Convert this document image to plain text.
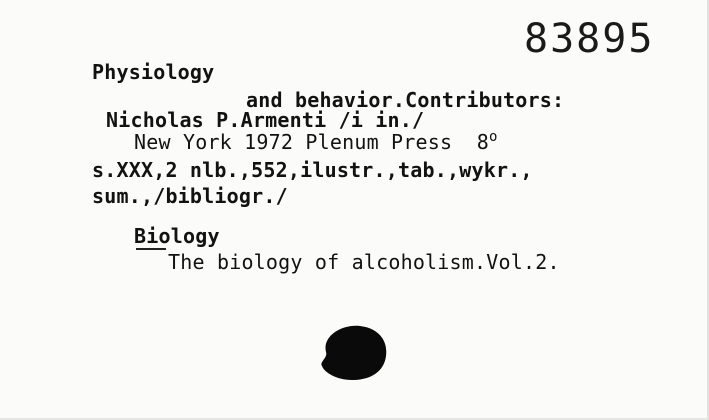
83895
Physiology
and behavior.Contributors:
Nicholas P.Armenti /i in./
New York 1972 Plenum Press 8$^o$
s.XXX,2 nlb.,552,ilustr.,tab.,wykr.,
sum.,/bibliogr./
Biology
The biology of alcoholism.Vol.2.
